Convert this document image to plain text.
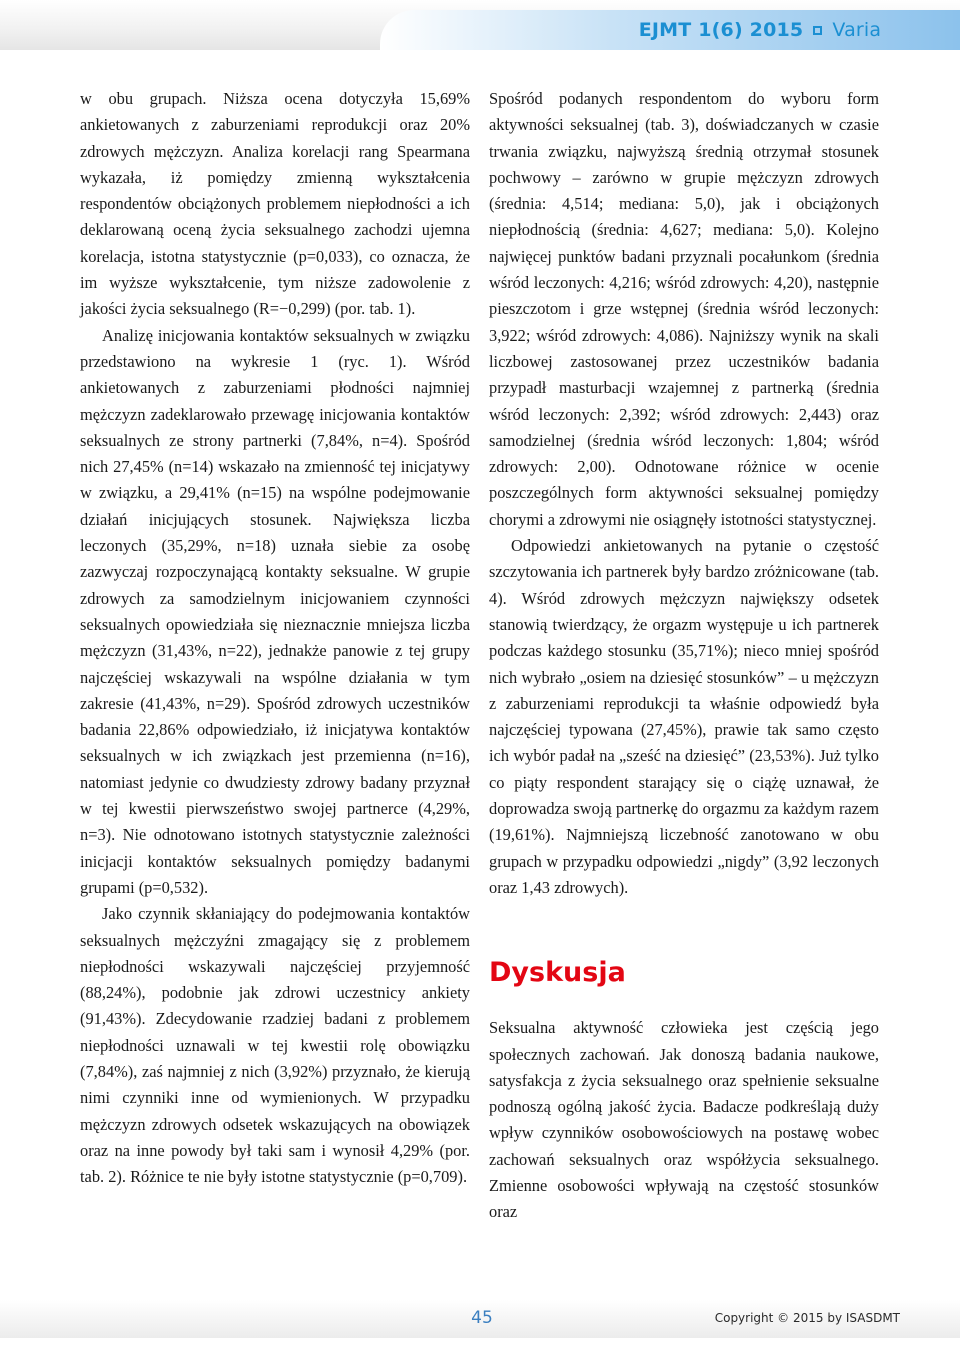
EJMT 1(6) 2015 Varia

w obu grupach. Niższa ocena dotyczyła 15,69% ankietowanych z zaburzeniami reprodukcji oraz 20% zdrowych mężczyzn. Analiza korelacji rang Spearmana wykazała, iż pomiędzy zmienną wykształcenia respondentów obciążonych problemem niepłodności a ich deklarowaną oceną życia seksualnego zachodzi ujemna korelacja, istotna statystycznie (p=0,033), co oznacza, że im wyższe wykształcenie, tym niższe zadowolenie z jakości życia seksualnego (R=−0,299) (por. tab. 1).

Analizę inicjowania kontaktów seksualnych w związku przedstawiono na wykresie 1 (ryc. 1). Wśród ankietowanych z zaburzeniami płodności najmniej mężczyzn zadeklarowało przewagę inicjowania kontaktów seksualnych ze strony partnerki (7,84%, n=4). Spośród nich 27,45% (n=14) wskazało na zmienność tej inicjatywy w związku, a 29,41% (n=15) na wspólne podejmowanie działań inicjujących stosunek. Największa liczba leczonych (35,29%, n=18) uznała siebie za osobę zazwyczaj rozpoczynającą kontakty seksualne. W grupie zdrowych za samodzielnym inicjowaniem czynności seksualnych opowiedziała się nieznacznie mniejsza liczba mężczyzn (31,43%, n=22), jednakże panowie z tej grupy najczęściej wskazywali na wspólne działania w tym zakresie (41,43%, n=29). Spośród zdrowych uczestników badania 22,86% odpowiedziało, iż inicjatywa kontaktów seksualnych w ich związkach jest przemienna (n=16), natomiast jedynie co dwudziesty zdrowy badany przyznał w tej kwestii pierwszeństwo swojej partnerce (4,29%, n=3). Nie odnotowano istotnych statystycznie zależności inicjacji kontaktów seksualnych pomiędzy badanymi grupami (p=0,532).

Jako czynnik skłaniający do podejmowania kontaktów seksualnych mężczyźni zmagający się z problemem niepłodności wskazywali najczęściej przyjemność (88,24%), podobnie jak zdrowi uczestnicy ankiety (91,43%). Zdecydowanie rzadziej badani z problemem niepłodności uznawali w tej kwestii rolę obowiązku (7,84%), zaś najmniej z nich (3,92%) przyznało, że kierują nimi czynniki inne od wymienionych. W przypadku mężczyzn zdrowych odsetek wskazujących na obowiązek oraz na inne powody był taki sam i wynosił 4,29% (por. tab. 2). Różnice te nie były istotne statystycznie (p=0,709).

Spośród podanych respondentom do wyboru form aktywności seksualnej (tab. 3), doświadczanych w czasie trwania związku, najwyższą średnią otrzymał stosunek pochwowy – zarówno w grupie mężczyzn zdrowych (średnia: 4,514; mediana: 5,0), jak i obciążonych niepłodnością (średnia: 4,627; mediana: 5,0). Kolejno najwięcej punktów badani przyznali pocałunkom (średnia wśród leczonych: 4,216; wśród zdrowych: 4,20), następnie pieszczotom i grze wstępnej (średnia wśród leczonych: 3,922; wśród zdrowych: 4,086). Najniższy wynik na skali liczbowej zastosowanej przez uczestników badania przypadł masturbacji wzajemnej z partnerką (średnia wśród leczonych: 2,392; wśród zdrowych: 2,443) oraz samodzielnej (średnia wśród leczonych: 1,804; wśród zdrowych: 2,00). Odnotowane różnice w ocenie poszczególnych form aktywności seksualnej pomiędzy chorymi a zdrowymi nie osiągnęły istotności statystycznej.

Odpowiedzi ankietowanych na pytanie o częstość szczytowania ich partnerek były bardzo zróżnicowane (tab. 4). Wśród zdrowych mężczyzn największy odsetek stanowią twierdzący, że orgazm występuje u ich partnerek podczas każdego stosunku (35,71%); nieco mniej spośród nich wybrało „osiem na dziesięć stosunków” – u mężczyzn z zaburzeniami reprodukcji ta właśnie odpowiedź była najczęściej typowana (27,45%), prawie tak samo często ich wybór padał na „sześć na dziesięć” (23,53%). Już tylko co piąty respondent starający się o ciążę uznawał, że doprowadza swoją partnerkę do orgazmu za każdym razem (19,61%). Najmniejszą liczebność zanotowano w obu grupach w przypadku odpowiedzi „nigdy” (3,92 leczonych oraz 1,43 zdrowych).

Dyskusja

Seksualna aktywność człowieka jest częścią jego społecznych zachowań. Jak donoszą badania naukowe, satysfakcja z życia seksualnego oraz spełnienie seksualne podnoszą ogólną jakość życia. Badacze podkreślają duży wpływ czynników osobowościowych na postawę wobec zachowań seksualnych oraz współżycia seksualnego. Zmienne osobowości wpływają na częstość stosunków oraz

45	Copyright © 2015 by ISASDMT
